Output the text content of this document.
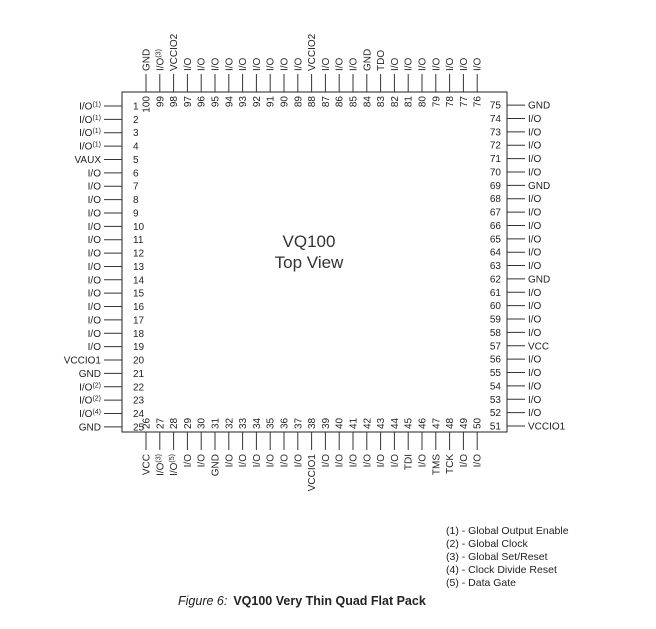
VQ100
Top View
1
$I/O^{(1)}$
2
$I/O^{(1)}$
3
$I/O^{(1)}$
4
$I/O^{(1)}$
5
VAUX
6
I/O
7
I/O
8
I/O
9
I/O
10
I/O
11
I/O
12
I/O
13
I/O
14
I/O
15
I/O
16
I/O
17
I/O
18
I/O
19
I/O
20
VCCIO1
21
GND
22
$I/O^{(2)}$
23
$I/O^{(2)}$
24
$I/O^{(4)}$
25
GND	51	VCCIO1
52	I/O
53	I/O
54	I/O
55	I/O
56	I/O
57	VCC
58	I/O
59	I/O
60	I/O
61	I/O
62	GND
63	I/O
64	I/O
65	I/O
66	I/O
67	I/O
68	I/O
69	GND
70	I/O
71	I/O
72	I/O
73	I/O
74	I/O
75	GND
100
GND
99
$I/O^{(3)}$
98
VCCIO2
97
I/O
96
I/O
95
I/O
94
I/O
93
I/O
92
I/O
91
I/O
90
I/O
89
I/O
88
VCCIO2
87
I/O
86
I/O
85
I/O
84
GND
83
TDO
82
I/O
81
I/O
80
I/O
79
I/O
78
I/O
77
I/O
76
I/O
26
VCC
27
$I/O^{(3)}$
28
$I/O^{(5)}$
29
I/O
30
I/O
31
GND
32
I/O
33
I/O
34
I/O
35
I/O
36
I/O
37
I/O
38
VCCIO1
39
I/O
40
I/O
41
I/O
42
I/O
43
I/O
44
I/O
45
TDI
46
I/O
47
TMS
48
TCK
49
I/O
50
I/O
(1) - Global Output Enable
(2) - Global Clock
(3) - Global Set/Reset
(4) - Clock Divide Reset
(5) - Data Gate
Figure 6: VQ100 Very Thin Quad Flat Pack
